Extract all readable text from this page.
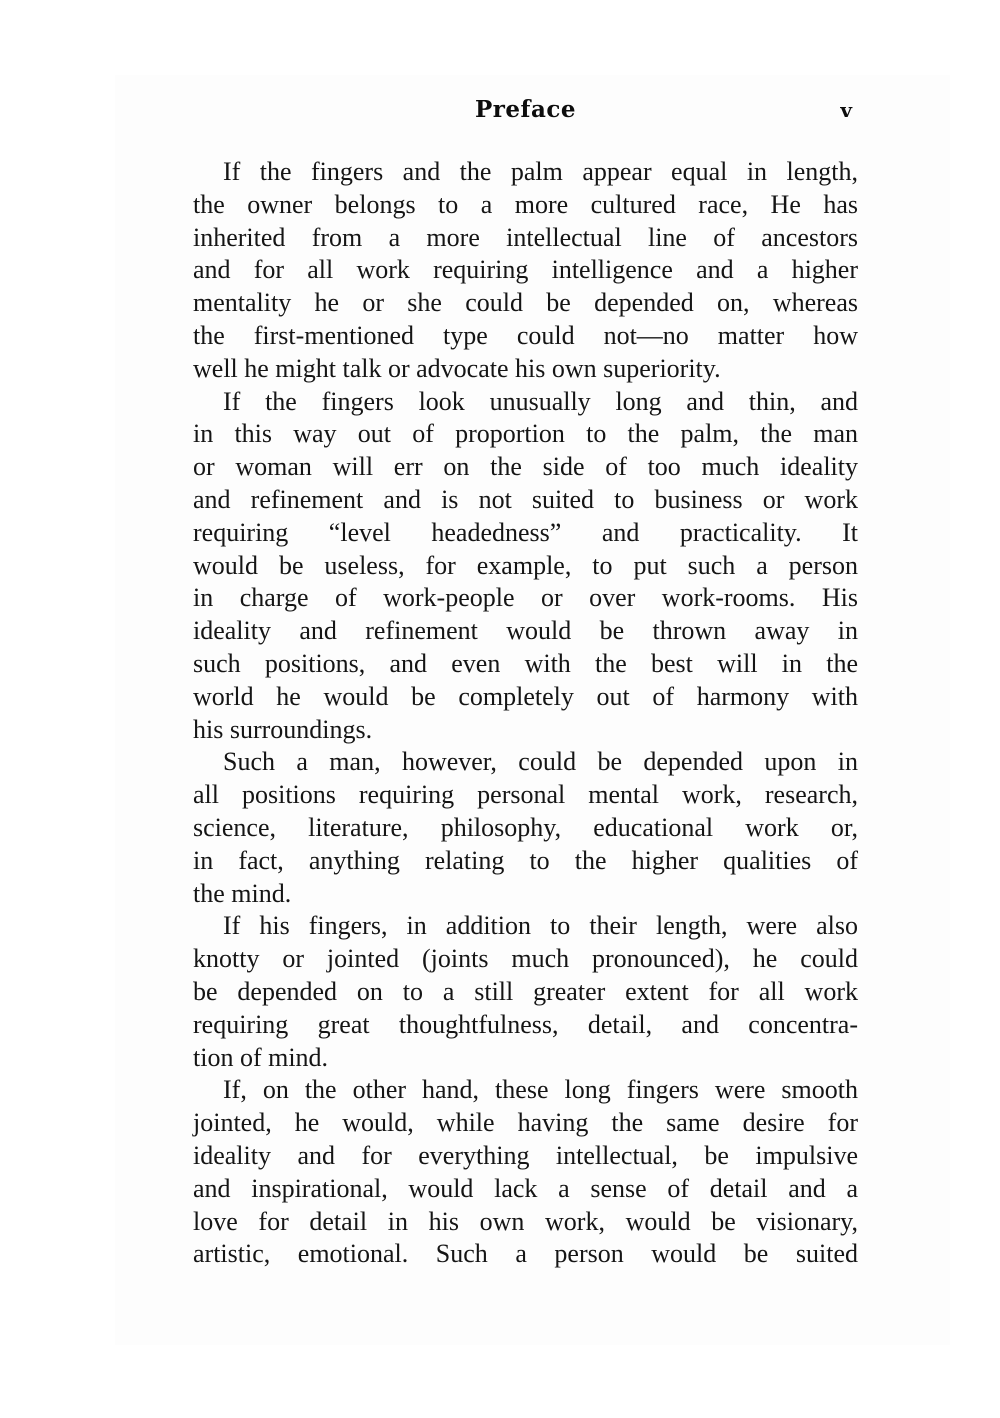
Preface	v
If the fingers and the palm appear equal in length,
the owner belongs to a more cultured race, He has
inherited from a more intellectual line of ancestors
and for all work requiring intelligence and a higher
mentality he or she could be depended on, whereas
the first-mentioned type could not—no matter how
well he might talk or advocate his own superiority.
If the fingers look unusually long and thin, and
in this way out of proportion to the palm, the man
or woman will err on the side of too much ideality
and refinement and is not suited to business or work
requiring “level headedness” and practicality. It
would be useless, for example, to put such a person
in charge of work-people or over work-rooms. His
ideality and refinement would be thrown away in
such positions, and even with the best will in the
world he would be completely out of harmony with
his surroundings.
Such a man, however, could be depended upon in
all positions requiring personal mental work, research,
science, literature, philosophy, educational work or,
in fact, anything relating to the higher qualities of
the mind.
If his fingers, in addition to their length, were also
knotty or jointed (joints much pronounced), he could
be depended on to a still greater extent for all work
requiring great thoughtfulness, detail, and concentra-
tion of mind.
If, on the other hand, these long fingers were smooth
jointed, he would, while having the same desire for
ideality and for everything intellectual, be impulsive
and inspirational, would lack a sense of detail and a
love for detail in his own work, would be visionary,
artistic, emotional. Such a person would be suited
